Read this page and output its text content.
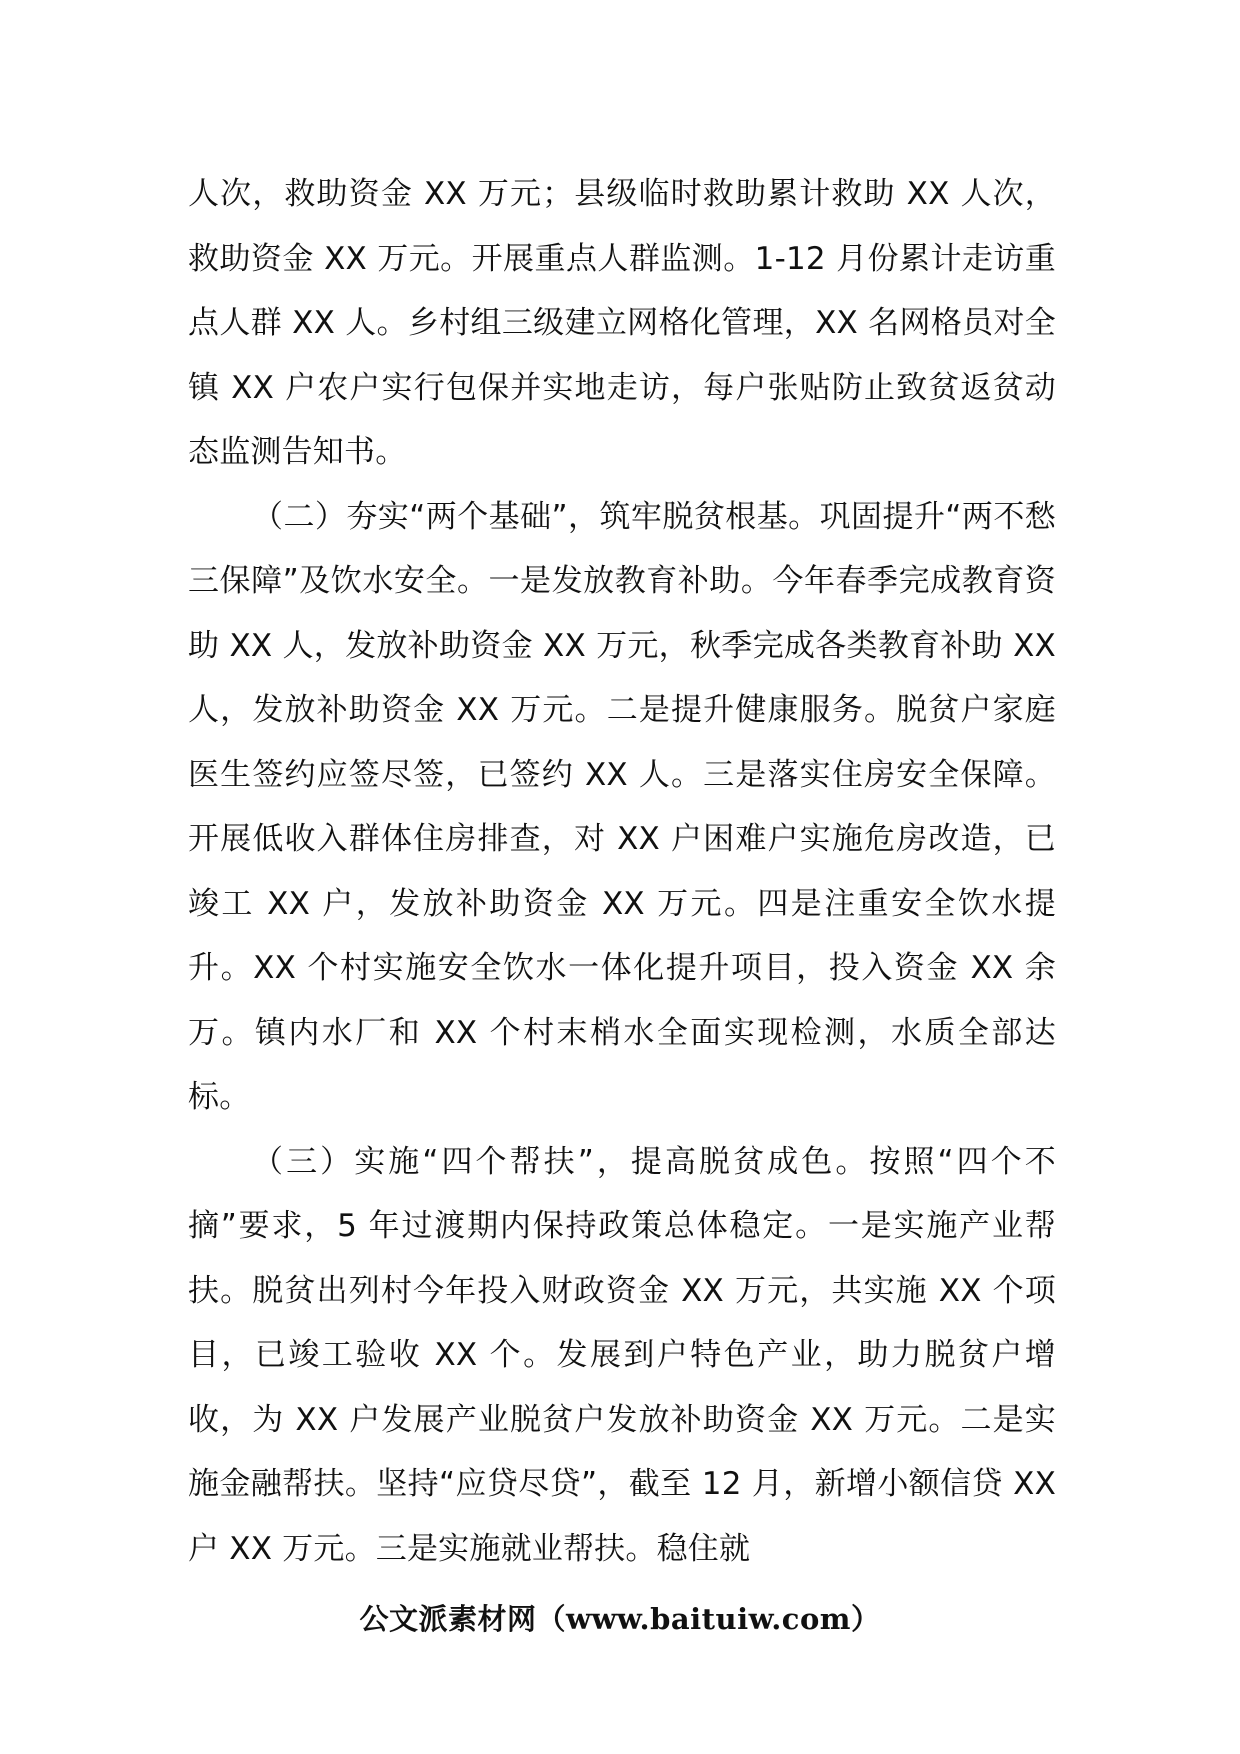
人次，救助资金 XX 万元；县级临时救助累计救助 XX 人次，救助资金 XX 万元。开展重点人群监测。1-12 月份累计走访重点人群 XX 人。乡村组三级建立网格化管理，XX 名网格员对全镇 XX 户农户实行包保并实地走访，每户张贴防止致贫返贫动态监测告知书。

（二）夯实“两个基础”，筑牢脱贫根基。巩固提升“两不愁三保障”及饮水安全。一是发放教育补助。今年春季完成教育资助 XX 人，发放补助资金 XX 万元，秋季完成各类教育补助 XX 人，发放补助资金 XX 万元。二是提升健康服务。脱贫户家庭医生签约应签尽签，已签约 XX 人。三是落实住房安全保障。开展低收入群体住房排查，对 XX 户困难户实施危房改造，已竣工 XX 户，发放补助资金 XX 万元。四是注重安全饮水提升。XX 个村实施安全饮水一体化提升项目，投入资金 XX 余万。镇内水厂和 XX 个村末梢水全面实现检测，水质全部达标。

（三）实施“四个帮扶”，提高脱贫成色。按照“四个不摘”要求，5 年过渡期内保持政策总体稳定。一是实施产业帮扶。脱贫出列村今年投入财政资金 XX 万元，共实施 XX 个项目，已竣工验收 XX 个。发展到户特色产业，助力脱贫户增收，为 XX 户发展产业脱贫户发放补助资金 XX 万元。二是实施金融帮扶。坚持“应贷尽贷”，截至 12 月，新增小额信贷 XX 户 XX 万元。三是实施就业帮扶。稳住就

公文派素材网（www.baituiw.com）
